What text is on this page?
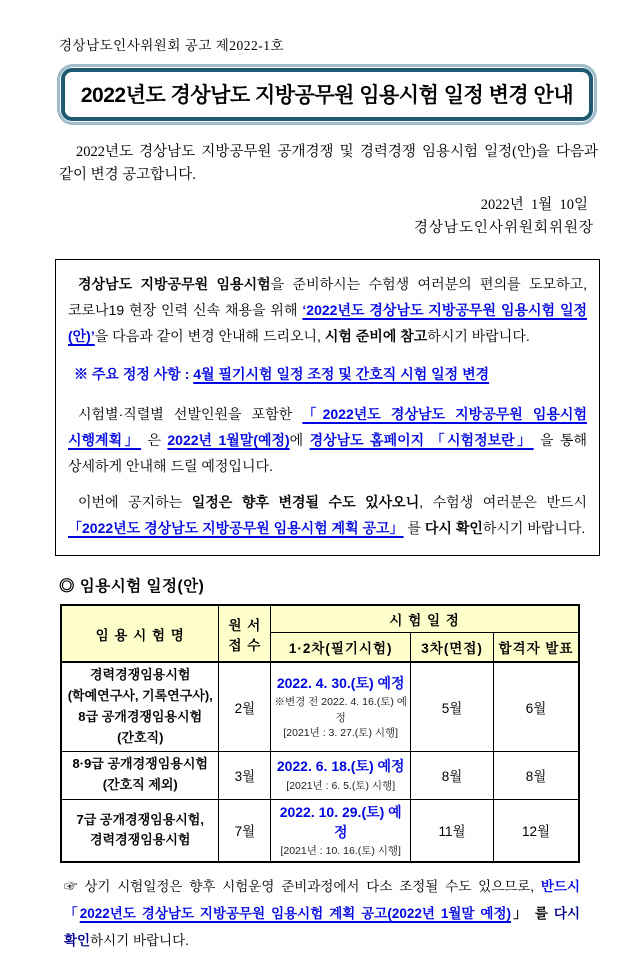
경상남도인사위원회 공고 제2022-1호
2022년도 경상남도 지방공무원 임용시험 일정 변경 안내

2022년도 경상남도 지방공무원 공개경쟁 및 경력경쟁 임용시험 일정(안)을 다음과 같이 변경 공고합니다.

2022년  1월  10일
경상남도인사위원회위원장

경상남도 지방공무원 임용시험을 준비하시는 수험생 여러분의 편의를 도모하고, 코로나19 현장 인력 신속 채용을 위해 ‘2022년도 경상남도 지방공무원 임용시험 일정(안)’을 다음과 같이 변경 안내해 드리오니, 시험 준비에 참고하시기 바랍니다.

※ 주요 정정 사항 : 4월 필기시험 일정 조정 및 간호직 시험 일정 변경

시험별·직렬별 선발인원을 포함한 「2022년도 경상남도 지방공무원 임용시험 시행계획」 은 2022년 1월말(예정)에 경상남도 홈페이지 「시험정보란」 을 통해 상세하게 안내해 드릴 예정입니다.

이번에 공지하는 일정은 향후 변경될 수도 있사오니, 수험생 여러분은 반드시 「2022년도 경상남도 지방공무원 임용시험 계획 공고」 를 다시 확인하시기 바랍니다.

◎ 임용시험 일정(안)
임 용 시 험 명	원 서
접 수	시 험 일 정		
		1·2차(필기시험)	3차(면접)	합격자 발표
경력경쟁임용시험
(학예연구사, 기록연구사),
8급 공개경쟁임용시험
(간호직)	2월	2022. 4. 30.(토) 예정
※변경 전 2022. 4. 16.(토) 예정
[2021년 : 3. 27.(토) 시행]	5월	6월
8·9급 공개경쟁임용시험
(간호직 제외)	3월	2022. 6. 18.(토) 예정
[2021년 : 6. 5.(토) 시행]	8월	8월
7급 공개경쟁임용시험,
경력경쟁임용시험	7월	2022. 10. 29.(토) 예정
[2021년 : 10. 16.(토) 시행]	11월	12월

☞ 상기 시험일정은 향후 시험운영 준비과정에서 다소 조정될 수도 있으므로, 반드시 「2022년도 경상남도 지방공무원 임용시험 계획 공고(2022년 1월말 예정)」 를 다시 확인하시기 바랍니다.
